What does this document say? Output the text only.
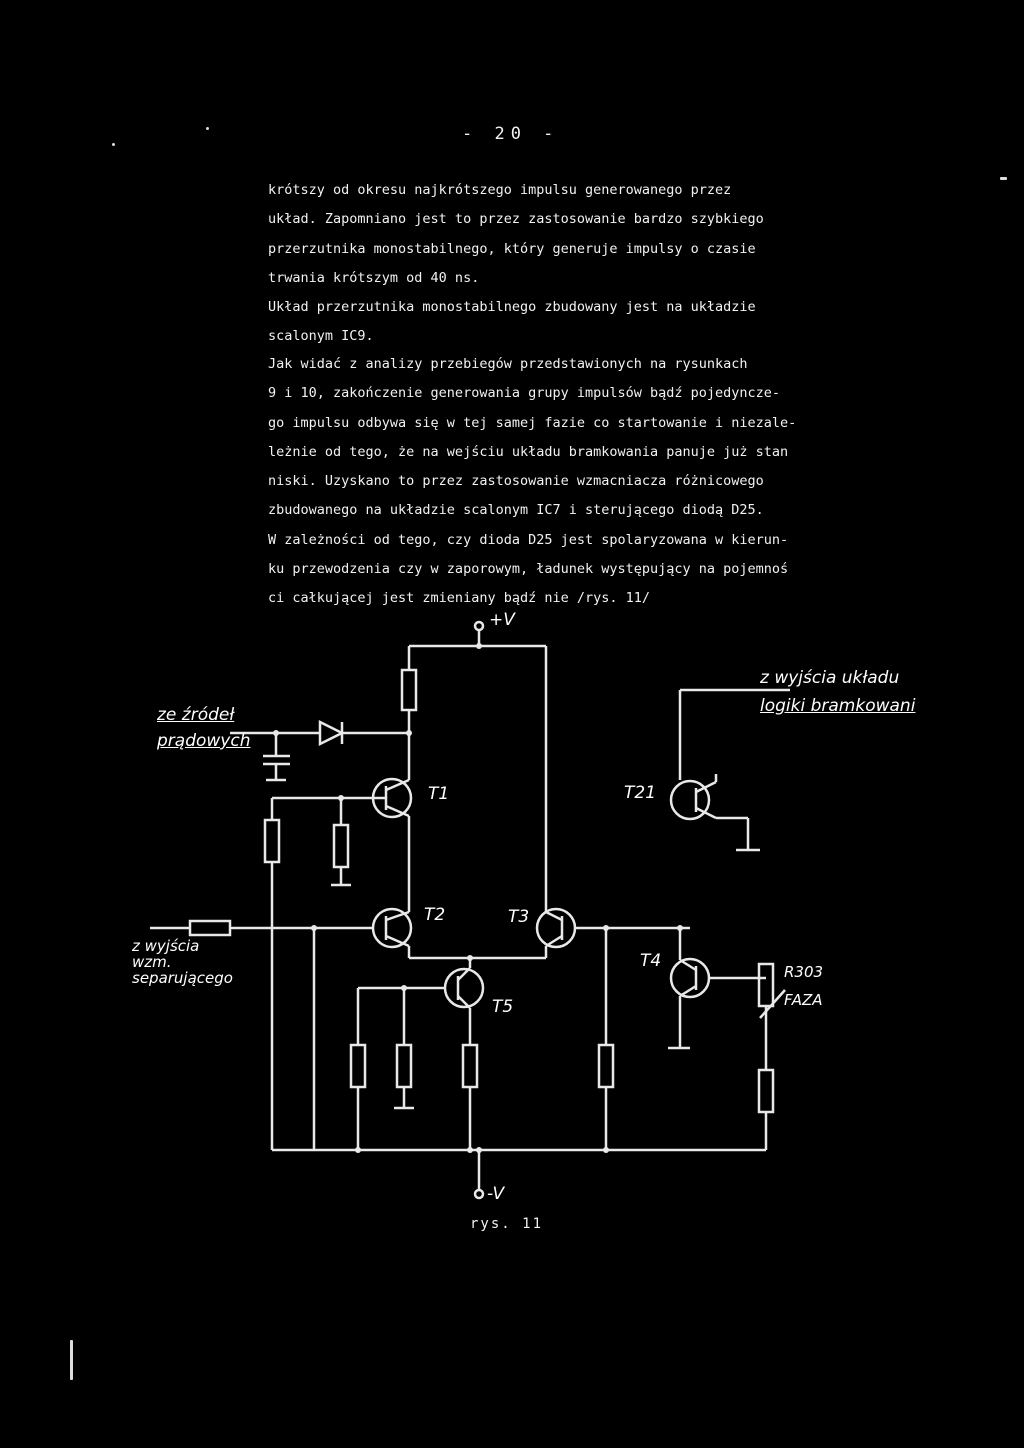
- 20 -
krótszy od okresu najkrótszego impulsu generowanego przez
układ. Zapomniano jest to przez zastosowanie bardzo szybkiego
przerzutnika monostabilnego, który generuje impulsy o czasie
trwania krótszym od 40 ns.
Układ przerzutnika monostabilnego zbudowany jest na układzie
scalonym IC9.
Jak widać z analizy przebiegów przedstawionych na rysunkach
9 i 10, zakończenie generowania grupy impulsów bądź pojedyncze-
go impulsu odbywa się w tej samej fazie co startowanie i niezale-
leżnie od tego, że na wejściu układu bramkowania panuje już stan
niski. Uzyskano to przez zastosowanie wzmacniacza różnicowego
zbudowanego na układzie scalonym IC7 i sterującego diodą D25.
W zależności od tego, czy dioda D25 jest spolaryzowana w kierun-
ku przewodzenia czy w zaporowym, ładunek występujący na pojemnoś
ci całkującej jest zmieniany bądź nie /rys. 11/
+V
-V
ze źródeł
prądowych
z wyjścia
wzm.
separującego
z wyjścia układu
logiki bramkowani
T1
T2	T3
T4
T5
T21
R303
FAZA
rys. 11
